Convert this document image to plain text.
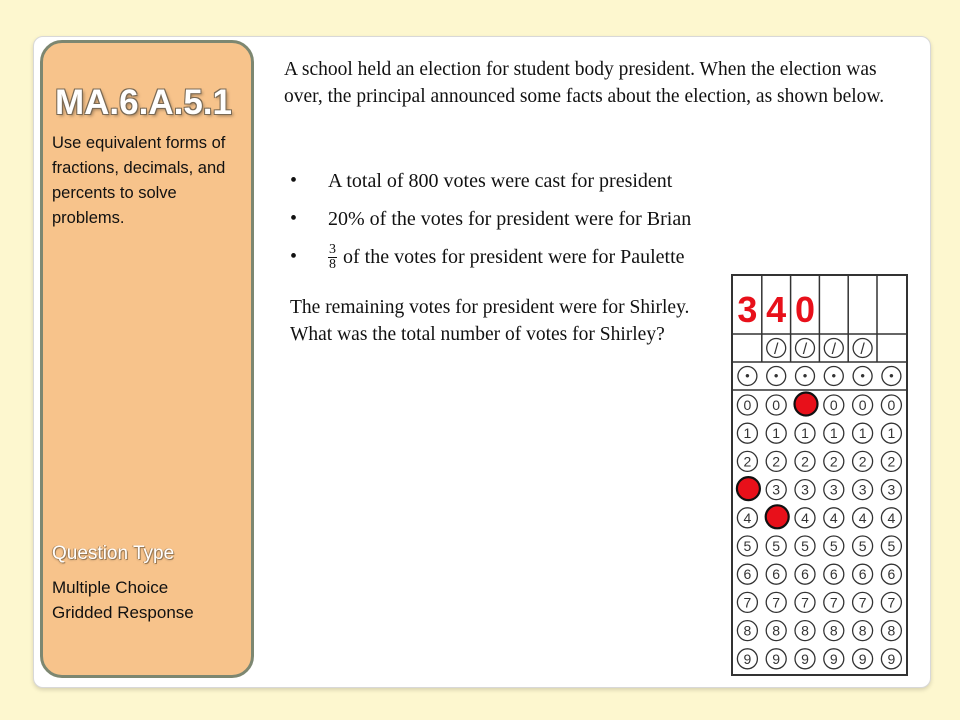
MA.6.A.5.1
Use equivalent forms of fractions, decimals, and percents to solve problems.
Question Type
Multiple Choice
Gridded Response

A school held an election for student body president. When the election was over, the principal announced some facts about the election, as shown below.

• A total of 800 votes were cast for president
• 20% of the votes for president were for Brian
• $\frac{3}{8}$ of the votes for president were for Paulette

The remaining votes for president were for Shirley. What was the total number of votes for Shirley?

3 4 0
/ / / /
• • • • • •
0 0	0 0 0
1 1 1 1 1 1
2 2 2 2 2 2
3 3 3 3 3
4	4 4 4 4
5 5 5 5 5 5
6 6 6 6 6 6
7 7 7 7 7 7
8 8 8 8 8 8
9 9 9 9 9 9
